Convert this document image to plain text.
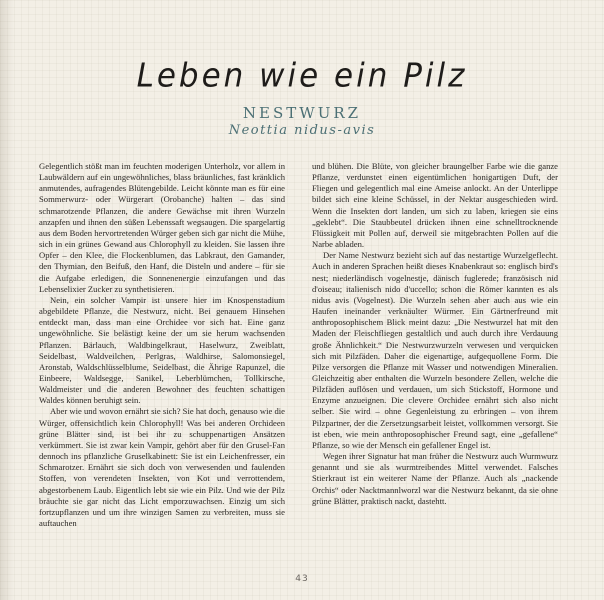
Leben wie ein Pilz
NESTWURZ
Neottia nidus-avis

Gelegentlich stößt man im feuchten moderigen Unterholz, vor allem in Laubwäldern auf ein ungewöhnliches, blass bräunliches, fast kränklich anmutendes, aufragendes Blütengebilde. Leicht könnte man es für eine Sommerwurz- oder Würgerart (Orobanche) halten – das sind schmarotzende Pflanzen, die andere Gewächse mit ihren Wurzeln anzapfen und ihnen den süßen Lebenssaft wegsaugen. Die spargelartig aus dem Boden hervortretenden Würger geben sich gar nicht die Mühe, sich in ein grünes Gewand aus Chlorophyll zu kleiden. Sie lassen ihre Opfer – den Klee, die Flockenblumen, das Labkraut, den Gamander, den Thymian, den Beifuß, den Hanf, die Disteln und andere – für sie die Aufgabe erledigen, die Sonnenenergie einzufangen und das Lebenselixier Zucker zu synthetisieren.

Nein, ein solcher Vampir ist unsere hier im Knospenstadium abgebildete Pflanze, die Nestwurz, nicht. Bei genauem Hinsehen entdeckt man, dass man eine Orchidee vor sich hat. Eine ganz ungewöhnliche. Sie belästigt keine der um sie herum wachsenden Pflanzen. Bärlauch, Waldbingelkraut, Haselwurz, Zweiblatt, Seidelbast, Waldveilchen, Perlgras, Waldhirse, Salomonsiegel, Aronstab, Waldschlüsselblume, Seidelbast, die Ährige Rapunzel, die Einbeere, Waldsegge, Sanikel, Leberblümchen, Tollkirsche, Waldmeister und die anderen Bewohner des feuchten schattigen Waldes können beruhigt sein.

Aber wie und wovon ernährt sie sich? Sie hat doch, genauso wie die Würger, offensichtlich kein Chlorophyll! Was bei anderen Orchideen grüne Blätter sind, ist bei ihr zu schuppenartigen Ansätzen verkümmert. Sie ist zwar kein Vampir, gehört aber für den Grusel-Fan dennoch ins pflanzliche Gruselkabinett: Sie ist ein Leichenfresser, ein Schmarotzer. Ernährt sie sich doch von verwesenden und faulenden Stoffen, von verendeten Insekten, von Kot und verrottendem, abgestorbenem Laub. Eigentlich lebt sie wie ein Pilz. Und wie der Pilz bräuchte sie gar nicht das Licht emporzuwachsen. Einzig um sich fortzupflanzen und um ihre winzigen Samen zu verbreiten, muss sie auftauchen

und blühen. Die Blüte, von gleicher braungelber Farbe wie die ganze Pflanze, verdunstet einen eigentümlichen honigartigen Duft, der Fliegen und gelegentlich mal eine Ameise anlockt. An der Unterlippe bildet sich eine kleine Schüssel, in der Nektar ausgeschieden wird. Wenn die Insekten dort landen, um sich zu laben, kriegen sie eins „geklebt“. Die Staubbeutel drücken ihnen eine schnelltrocknende Flüssigkeit mit Pollen auf, derweil sie mitgebrachten Pollen auf die Narbe abladen.

Der Name Nestwurz bezieht sich auf das nestartige Wurzelgeflecht. Auch in anderen Sprachen heißt dieses Knabenkraut so: englisch bird's nest; niederländisch vogelnestje, dänisch fuglerede; französisch nid d'oiseau; italienisch nido d'uccello; schon die Römer kannten es als nidus avis (Vogelnest). Die Wurzeln sehen aber auch aus wie ein Haufen ineinander verknäulter Würmer. Ein Gärtnerfreund mit anthroposophischem Blick meint dazu: „Die Nestwurzel hat mit den Maden der Fleischfliegen gestaltlich und auch durch ihre Verdauung große Ähnlichkeit.“ Die Nestwurzwurzeln verwesen und verquicken sich mit Pilzfäden. Daher die eigenartige, aufgequollene Form. Die Pilze versorgen die Pflanze mit Wasser und notwendigen Mineralien. Gleichzeitig aber enthalten die Wurzeln besondere Zellen, welche die Pilzfäden auflösen und verdauen, um sich Stickstoff, Hormone und Enzyme anzueignen. Die clevere Orchidee ernährt sich also nicht selber. Sie wird – ohne Gegenleistung zu erbringen – von ihrem Pilzpartner, der die Zersetzungsarbeit leistet, vollkommen versorgt. Sie ist eben, wie mein anthroposophischer Freund sagt, eine „gefallene“ Pflanze, so wie der Mensch ein gefallener Engel ist.

Wegen ihrer Signatur hat man früher die Nestwurz auch Wurmwurz genannt und sie als wurmtreibendes Mittel verwendet. Falsches Stierkraut ist ein weiterer Name der Pflanze. Auch als „nackende Orchis“ oder Nacktmannlworzl war die Nestwurz bekannt, da sie ohne grüne Blätter, praktisch nackt, dastehtt.

43
